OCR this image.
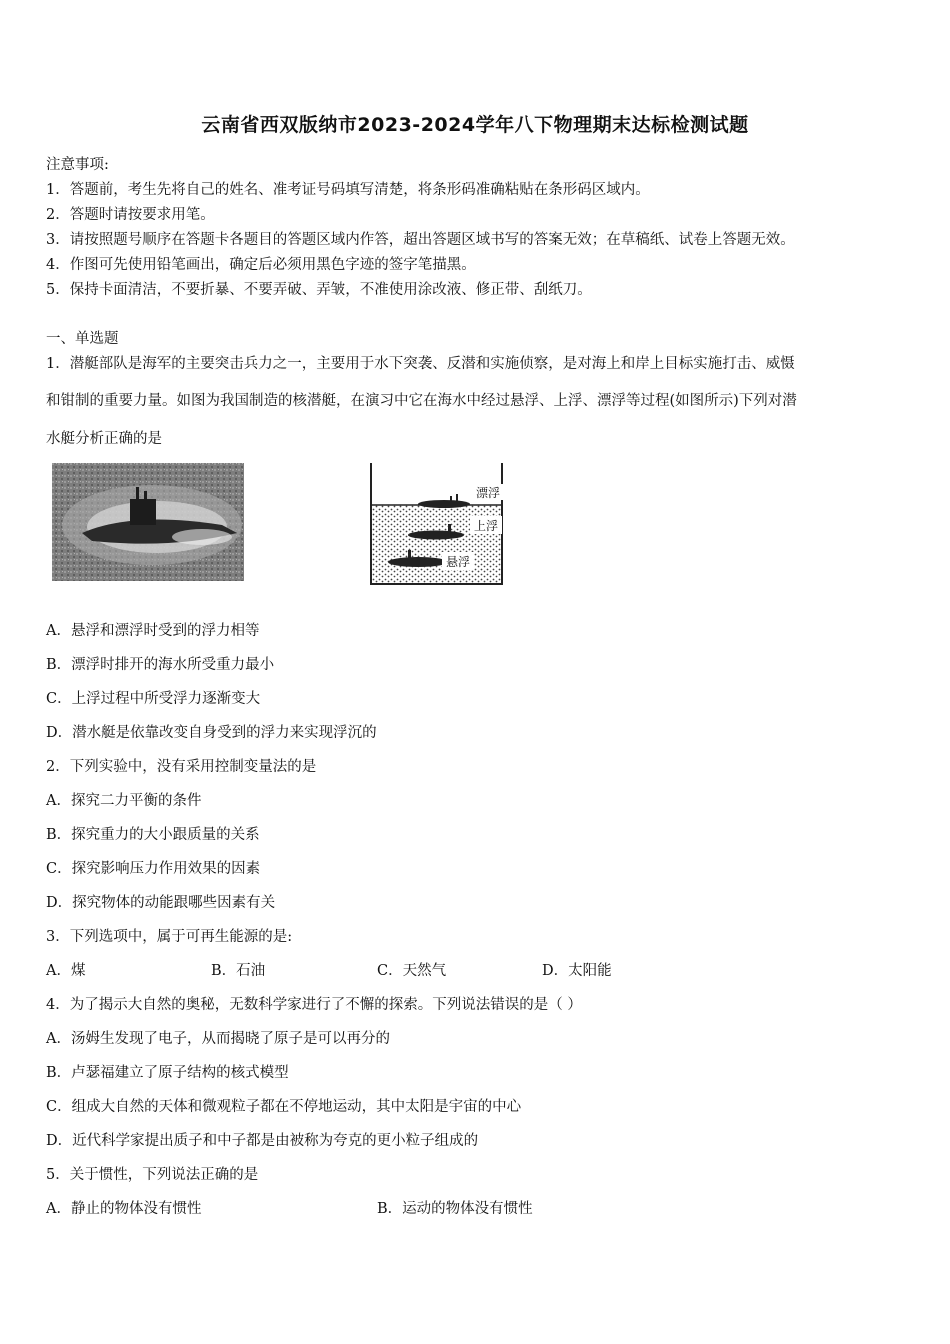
云南省西双版纳市2023-2024学年八下物理期末达标检测试题
注意事项:
1．答题前，考生先将自己的姓名、准考证号码填写清楚，将条形码准确粘贴在条形码区域内。
2．答题时请按要求用笔。
3．请按照题号顺序在答题卡各题目的答题区域内作答，超出答题区域书写的答案无效；在草稿纸、试卷上答题无效。
4．作图可先使用铅笔画出，确定后必须用黑色字迹的签字笔描黑。
5．保持卡面清洁，不要折暴、不要弄破、弄皱，不准使用涂改液、修正带、刮纸刀。
一、单选题
1．潜艇部队是海军的主要突击兵力之一，主要用于水下突袭、反潜和实施侦察，是对海上和岸上目标实施打击、威慑
和钳制的重要力量。如图为我国制造的核潜艇，在演习中它在海水中经过悬浮、上浮、漂浮等过程(如图所示)下列对潜
水艇分析正确的是
漂浮
上浮
悬浮
A．悬浮和漂浮时受到的浮力相等
B．漂浮时排开的海水所受重力最小
C．上浮过程中所受浮力逐渐变大
D．潜水艇是依靠改变自身受到的浮力来实现浮沉的
2．下列实验中，没有采用控制变量法的是
A．探究二力平衡的条件
B．探究重力的大小跟质量的关系
C．探究影响压力作用效果的因素
D．探究物体的动能跟哪些因素有关
3．下列选项中，属于可再生能源的是:
A．煤	B．石油	C．天然气	D．太阳能
4．为了揭示大自然的奥秘，无数科学家进行了不懈的探索。下列说法错误的是（ ）
A．汤姆生发现了电子，从而揭晓了原子是可以再分的
B．卢瑟福建立了原子结构的核式模型
C．组成大自然的天体和微观粒子都在不停地运动，其中太阳是宇宙的中心
D．近代科学家提出质子和中子都是由被称为夸克的更小粒子组成的
5．关于惯性，下列说法正确的是
A．静止的物体没有惯性	B．运动的物体没有惯性
